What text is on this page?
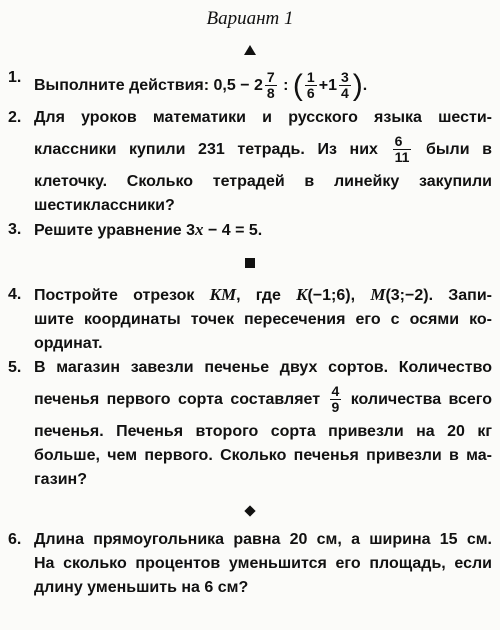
Вариант 1
1. Выполните действия: $0,5 - 2 \frac{7}{8}$ : ( $\frac{1}{6} +1 \frac{3}{4}$ ).
2. Для уроков математики и русского языка шести-
классники купили 231 тетрадь. Из них $\frac{6}{11}$ были в
клеточку. Сколько тетрадей в линейку закупили
шестиклассники?
3. Решите уравнение 3x − 4 = 5.
4. Постройте отрезок KM, где K(−1;6), M(3;−2). Запи-
шите координаты точек пересечения его с осями ко-
ординат.
5. В магазин завезли печенье двух сортов. Количество
печенья первого сорта составляет $\frac{4}{9}$ количества всего
печенья. Печенья второго сорта привезли на 20 кг
больше, чем первого. Сколько печенья привезли в ма-
газин?
6. Длина прямоугольника равна 20 см, а ширина 15 см.
На сколько процентов уменьшится его площадь, если
длину уменьшить на 6 см?
